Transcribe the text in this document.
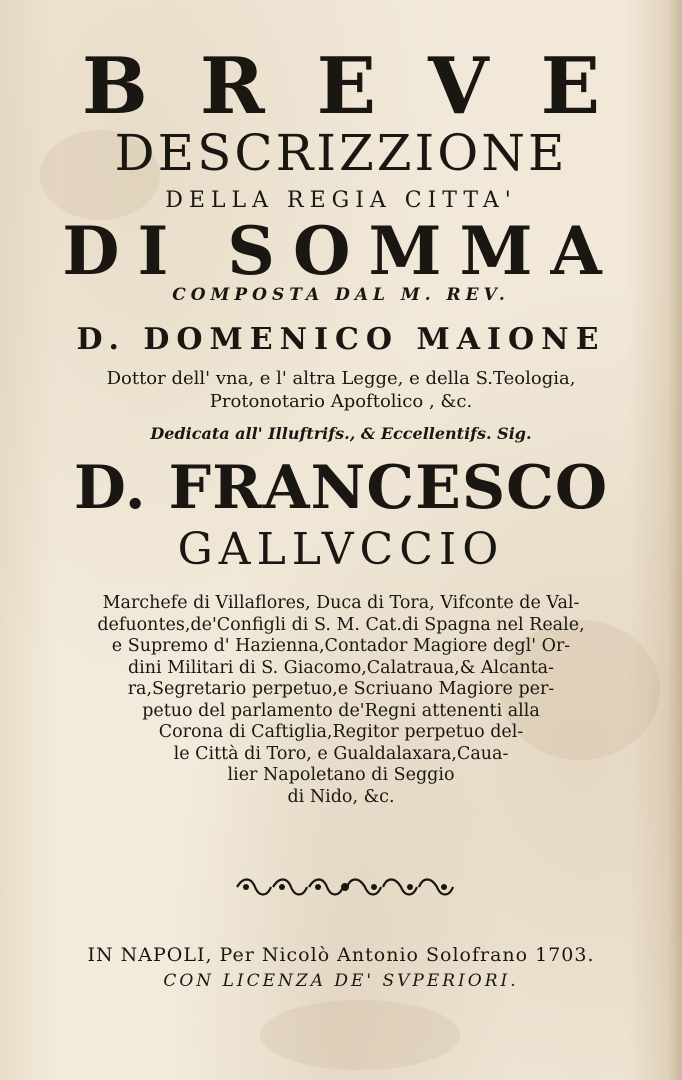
BREVE
DESCRIZZIONE
DELLA REGIA CITTA'
DI SOMMA
COMPOSTA DAL M. REV.
D. DOMENICO MAIONE
Dottor dell' vna, e l' altra Legge, e della S.Teologia,
Protonotario Apoftolico , &c.
Dedicata all' Illuftrifs., & Eccellentifs. Sig.
D. FRANCESCO
GALLVCCIO
Marchefe di Villaflores, Duca di Tora, Vifconte de Val-
defuontes,de'Configli di S. M. Cat.di Spagna nel Reale,
e Supremo d' Hazienna,Contador Magiore degl' Or-
dini Militari di S. Giacomo,Calatraua,& Alcanta-
ra,Segretario perpetuo,e Scriuano Magiore per-
petuo del parlamento de'Regni attenenti alla
Corona di Caftiglia,Regitor perpetuo del-
le Città di Toro, e Gualdalaxara,Caua-
lier Napoletano di Seggio
di Nido, &c.
IN NAPOLI, Per Nicolò Antonio Solofrano 1703.
CON LICENZA DE' SVPERIORI.
